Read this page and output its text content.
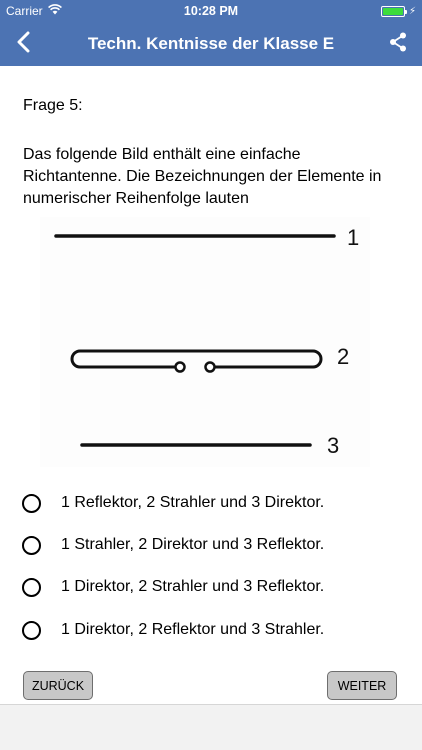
Carrier	10:28 PM	⚡
Techn. Kentnisse der Klasse E
Frage 5:
Das folgende Bild enthält eine einfache Richtantenne. Die Bezeichnungen der Elemente in numerischer Reihenfolge lauten
1
2
3
1 Reflektor, 2 Strahler und 3 Direktor.
1 Strahler, 2 Direktor und 3 Reflektor.
1 Direktor, 2 Strahler und 3 Reflektor.
1 Direktor, 2 Reflektor und 3 Strahler.
ZURÜCK	WEITER
